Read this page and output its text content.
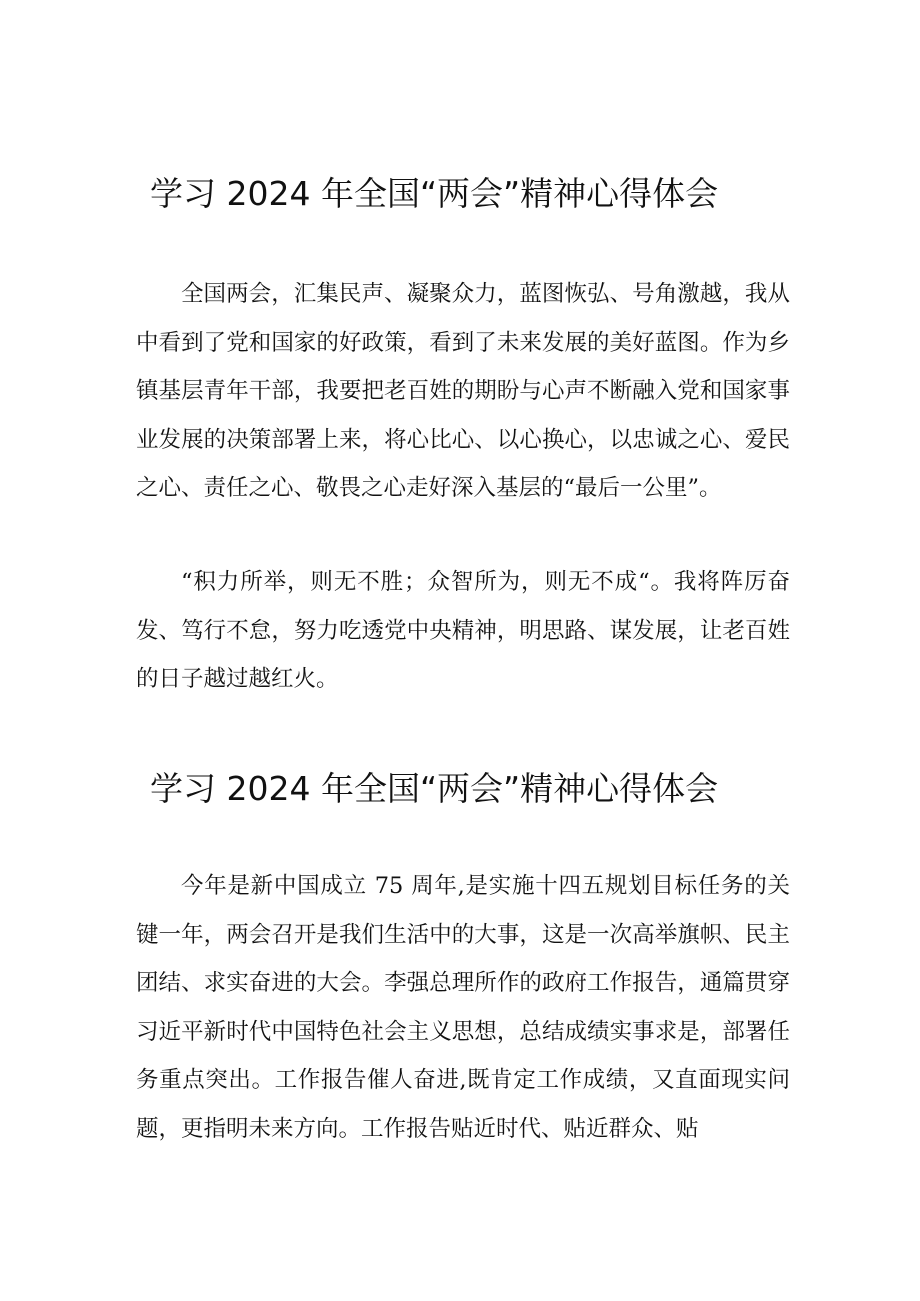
学习 2024 年全国“两会”精神心得体会

全国两会，汇集民声、凝聚众力，蓝图恢弘、号角激越，我从中看到了党和国家的好政策，看到了未来发展的美好蓝图。作为乡镇基层青年干部，我要把老百姓的期盼与心声不断融入党和国家事业发展的决策部署上来，将心比心、以心换心，以忠诚之心、爱民之心、责任之心、敬畏之心走好深入基层的“最后一公里”。

“积力所举，则无不胜；众智所为，则无不成“。我将阵厉奋发、笃行不怠，努力吃透党中央精神，明思路、谋发展，让老百姓的日子越过越红火。

学习 2024 年全国“两会”精神心得体会

今年是新中国成立 75 周年,是实施十四五规划目标任务的关键一年，两会召开是我们生活中的大事，这是一次高举旗帜、民主团结、求实奋进的大会。李强总理所作的政府工作报告，通篇贯穿习近平新时代中国特色社会主义思想，总结成绩实事求是，部署任务重点突出。工作报告催人奋进,既肯定工作成绩，又直面现实问题，更指明未来方向。工作报告贴近时代、贴近群众、贴
